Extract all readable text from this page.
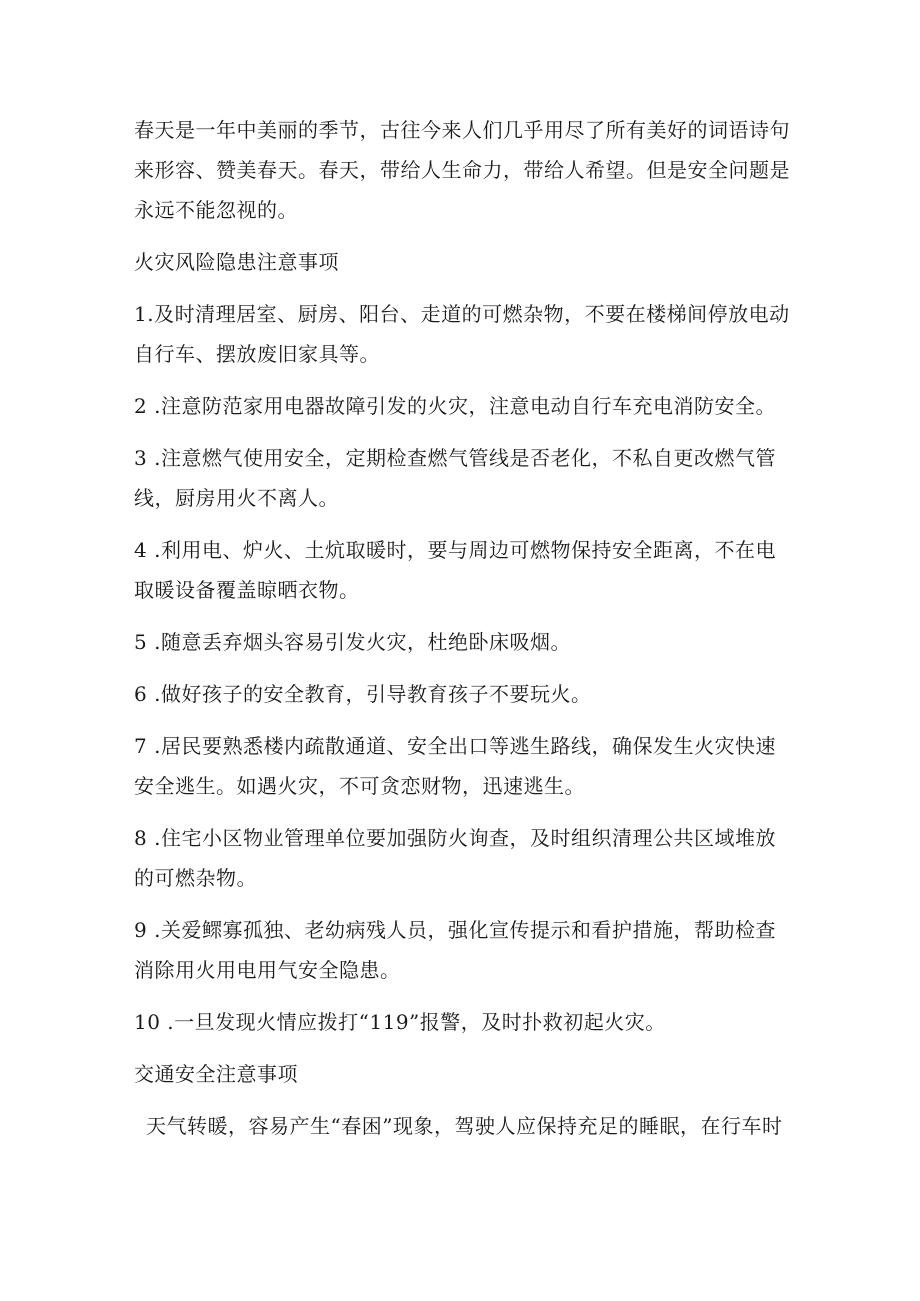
春天是一年中美丽的季节，古往今来人们几乎用尽了所有美好的词语诗句来形容、赞美春天。春天，带给人生命力，带给人希望。但是安全问题是永远不能忽视的。

火灾风险隐患注意事项

1.及时清理居室、厨房、阳台、走道的可燃杂物，不要在楼梯间停放电动自行车、摆放废旧家具等。

2 .注意防范家用电器故障引发的火灾，注意电动自行车充电消防安全。

3 .注意燃气使用安全，定期检查燃气管线是否老化，不私自更改燃气管线，厨房用火不离人。

4 .利用电、炉火、土炕取暖时，要与周边可燃物保持安全距离，不在电取暖设备覆盖晾晒衣物。

5 .随意丢弃烟头容易引发火灾，杜绝卧床吸烟。

6 .做好孩子的安全教育，引导教育孩子不要玩火。

7 .居民要熟悉楼内疏散通道、安全出口等逃生路线，确保发生火灾快速安全逃生。如遇火灾，不可贪恋财物，迅速逃生。

8 .住宅小区物业管理单位要加强防火询查，及时组织清理公共区域堆放的可燃杂物。

9 .关爱鳏寡孤独、老幼病残人员，强化宣传提示和看护措施，帮助检查消除用火用电用气安全隐患。

10 .一旦发现火情应拨打“119”报警，及时扑救初起火灾。

交通安全注意事项

天气转暖，容易产生“春困”现象，驾驶人应保持充足的睡眠，在行车时
